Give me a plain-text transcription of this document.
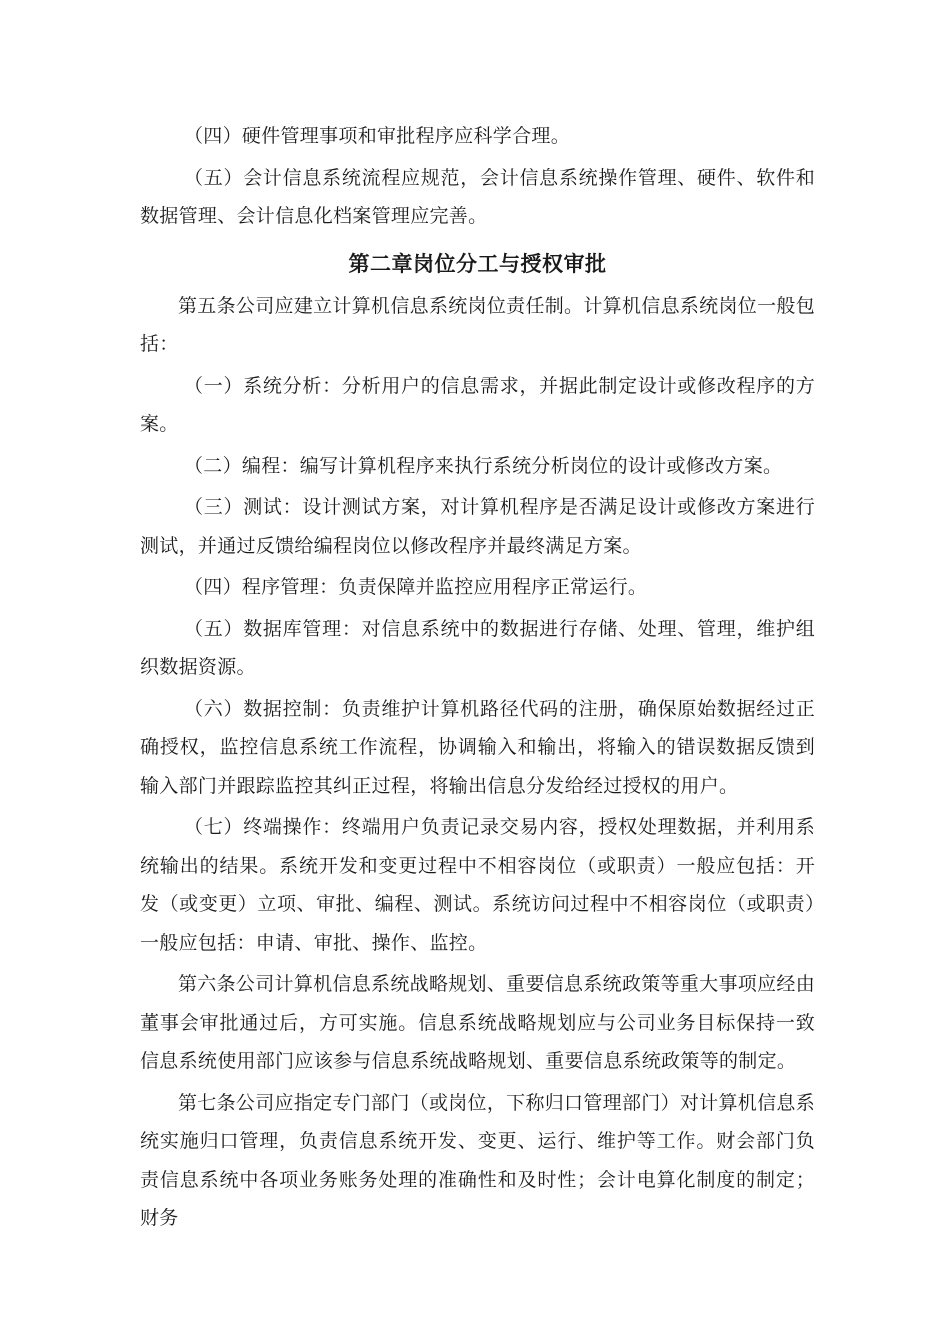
（四）硬件管理事项和审批程序应科学合理。

（五）会计信息系统流程应规范，会计信息系统操作管理、硬件、软件和数据管理、会计信息化档案管理应完善。

第二章岗位分工与授权审批

第五条公司应建立计算机信息系统岗位责任制。计算机信息系统岗位一般包括：

（一）系统分析：分析用户的信息需求，并据此制定设计或修改程序的方案。

（二）编程：编写计算机程序来执行系统分析岗位的设计或修改方案。

（三）测试：设计测试方案，对计算机程序是否满足设计或修改方案进行测试，并通过反馈给编程岗位以修改程序并最终满足方案。

（四）程序管理：负责保障并监控应用程序正常运行。

（五）数据库管理：对信息系统中的数据进行存储、处理、管理，维护组织数据资源。

（六）数据控制：负责维护计算机路径代码的注册，确保原始数据经过正确授权，监控信息系统工作流程，协调输入和输出，将输入的错误数据反馈到输入部门并跟踪监控其纠正过程，将输出信息分发给经过授权的用户。

（七）终端操作：终端用户负责记录交易内容，授权处理数据，并利用系统输出的结果。系统开发和变更过程中不相容岗位（或职责）一般应包括：开发（或变更）立项、审批、编程、测试。系统访问过程中不相容岗位（或职责）一般应包括：申请、审批、操作、监控。

第六条公司计算机信息系统战略规划、重要信息系统政策等重大事项应经由董事会审批通过后，方可实施。信息系统战略规划应与公司业务目标保持一致信息系统使用部门应该参与信息系统战略规划、重要信息系统政策等的制定。

第七条公司应指定专门部门（或岗位，下称归口管理部门）对计算机信息系统实施归口管理，负责信息系统开发、变更、运行、维护等工作。财会部门负责信息系统中各项业务账务处理的准确性和及时性；会计电算化制度的制定；财务
